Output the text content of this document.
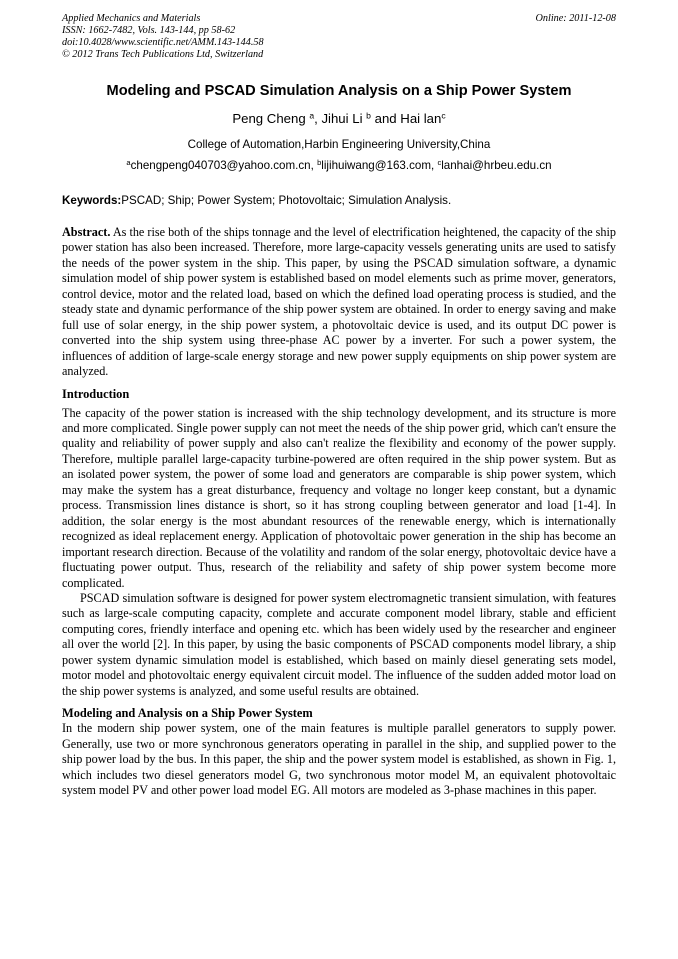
Applied Mechanics and Materials
ISSN: 1662-7482, Vols. 143-144, pp 58-62
doi:10.4028/www.scientific.net/AMM.143-144.58
© 2012 Trans Tech Publications Ltd, Switzerland
Online: 2011-12-08
Modeling and PSCAD Simulation Analysis on a Ship Power System
Peng Cheng $^a$, Jihui Li $^b$ and Hai lan$^c$
College of Automation,Harbin Engineering University,China
$^a$chengpeng040703@yahoo.com.cn, $^b$lijihuiwang@163.com, $^c$lanhai@hrbeu.edu.cn
Keywords:PSCAD; Ship; Power System; Photovoltaic; Simulation Analysis.

Abstract. As the rise both of the ships tonnage and the level of electrification heightened, the capacity of the ship power station has also been increased. Therefore, more large-capacity vessels generating units are used to satisfy the needs of the power system in the ship. This paper, by using the PSCAD simulation software, a dynamic simulation model of ship power system is established based on model elements such as prime mover, generators, control device, motor and the related load, based on which the defined load operating process is studied, and the steady state and dynamic performance of the ship power system are obtained. In order to energy saving and make full use of solar energy, in the ship power system, a photovoltaic device is used, and its output DC power is converted into the ship system using three-phase AC power by a inverter. For such a power system, the influences of addition of large-scale energy storage and new power supply equipments on ship power system are analyzed.

Introduction

The capacity of the power station is increased with the ship technology development, and its structure is more and more complicated. Single power supply can not meet the needs of the ship power grid, which can't ensure the quality and reliability of power supply and also can't realize the flexibility and economy of the power supply. Therefore, multiple parallel large-capacity turbine-powered are often required in the ship power system. But as an isolated power system, the power of some load and generators are comparable is ship power system, which may make the system has a great disturbance, frequency and voltage no longer keep constant, but a dynamic process. Transmission lines distance is short, so it has strong coupling between generator and load [1-4]. In addition, the solar energy is the most abundant resources of the renewable energy, which is internationally recognized as ideal replacement energy. Application of photovoltaic power generation in the ship has become an important research direction. Because of the volatility and random of the solar energy, photovoltaic device have a fluctuating power output. Thus, research of the reliability and safety of ship power system become more complicated.

PSCAD simulation software is designed for power system electromagnetic transient simulation, with features such as large-scale computing capacity, complete and accurate component model library, stable and efficient computing cores, friendly interface and opening etc. which has been widely used by the researcher and engineer all over the world [2]. In this paper, by using the basic components of PSCAD components model library, a ship power system dynamic simulation model is established, which based on mainly diesel generating sets model, motor model and photovoltaic energy equivalent circuit model. The influence of the sudden added motor load on the ship power systems is analyzed, and some useful results are obtained.

Modeling and Analysis on a Ship Power System

In the modern ship power system, one of the main features is multiple parallel generators to supply power. Generally, use two or more synchronous generators operating in parallel in the ship, and supplied power to the ship power load by the bus. In this paper, the ship and the power system model is established, as shown in Fig. 1, which includes two diesel generators model G, two synchronous motor model M, an equivalent photovoltaic system model PV and other power load model EG. All motors are modeled as 3-phase machines in this paper.
